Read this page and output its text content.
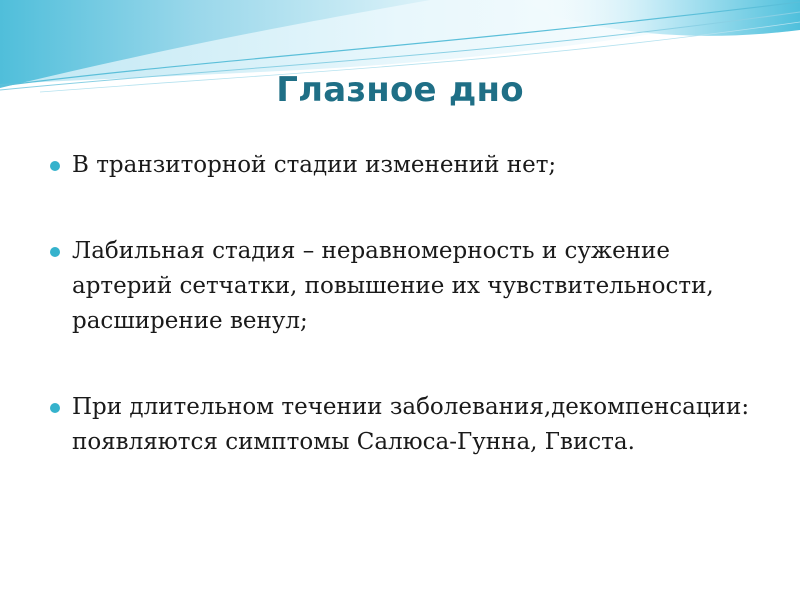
Глазное дно
В транзиторной стадии изменений нет;
Лабильная стадия – неравномерность и сужение артерий сетчатки, повышение их чувствительности, расширение венул;
При длительном течении заболевания,декомпенсации: появляются симптомы Салюса-Гунна, Гвиста.
